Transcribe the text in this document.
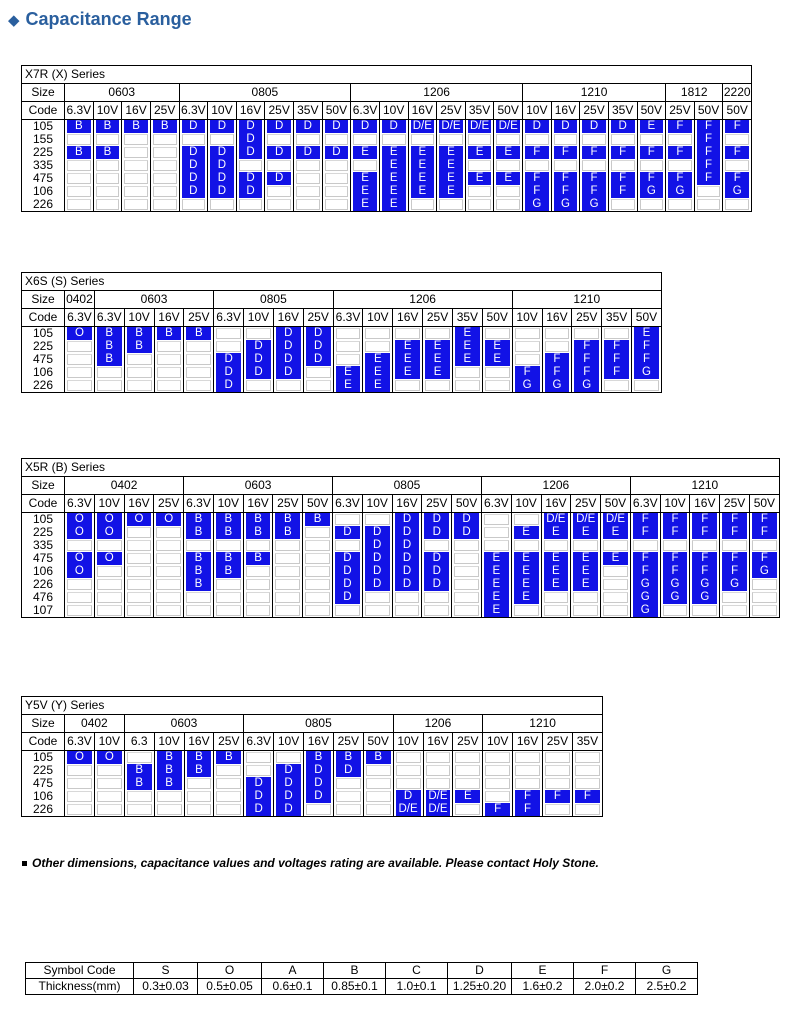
◆ Capacitance Range
X7R (X) Series																								
Size	0603				0805						1206						1210					1812		2220
Code	6.3V	10V	16V	25V	6.3V	10V	16V	25V	35V	50V	6.3V	10V	16V	25V	35V	50V	10V	16V	25V	35V	50V	25V	50V	50V
105	B	B	B	B	D	D	D	D	D	D	D	D	D/E	D/E	D/E	D/E	D	D	D	D	E	F	F	F

155							D																F	

225	B	B			D	D	D	D	D	D	E	E	E	E	E	E	F	F	F	F	F	F	F	F

335					D	D						E	E	E									F	

475					D	D	D	D			E	E	E	E	E	E	F	F	F	F	F	F	F	F

106					D	D	D				E	E	E	E			F	F	F	F	G	G		G

226											E	E					G	G	G					

X6S (S) Series																				
Size	0402	0603				0805				1206						1210				
Code	6.3V	6.3V	10V	16V	25V	6.3V	10V	16V	25V	6.3V	10V	16V	25V	35V	50V	10V	16V	25V	35V	50V
105	O	B	B	B	B			D	D					E						E

225		B	B				D	D	D			E	E	E	E			F	F	F

475		B				D	D	D	D		E	E	E	E	E		F	F	F	F

106						D	D	D		E	E	E	E			F	F	F	F	G

226						D				E	E					G	G	G		

X5R (B) Series																								
Size	0402				0603					0805					1206					1210				
Code	6.3V	10V	16V	25V	6.3V	10V	16V	25V	50V	6.3V	10V	16V	25V	50V	6.3V	10V	16V	25V	50V	6.3V	10V	16V	25V	50V
105	O	O	O	O	B	B	B	B	B			D	D	D			D/E	D/E	D/E	F	F	F	F	F

225	O	O			B	B	B	B		D	D	D	D	D		E	E	E	E	F	F	F	F	F

335											D	D												

475	O	O			B	B	B			D	D	D	D		E	E	E	E	E	F	F	F	F	F

106	O				B	B				D	D	D	D		E	E	E	E		F	F	F	F	G

226					B					D	D	D	D		E	E	E	E		G	G	G	G	

476										D					E	E				G	G	G		

107															E					G				

Y5V (Y) Series																		
Size	0402		0603				0805					1206			1210			
Code	6.3V	10V	6.3	10V	16V	25V	6.3V	10V	16V	25V	50V	10V	16V	25V	10V	16V	25V	35V
105	O	O		B	B	B			B	B	B							

225			B	B	B			D	D	D								

475			B	B			D	D	D									

106							D	D	D			D	D/E	E		F	F	F

226							D	D				D/E	D/E		F	F		

Other dimensions, capacitance values and voltages rating are available. Please contact Holy Stone.
Symbol Code	S	O	A	B	C	D	E	F	G
Thickness(mm)	0.3±0.03	0.5±0.05	0.6±0.1	0.85±0.1	1.0±0.1	1.25±0.20	1.6±0.2	2.0±0.2	2.5±0.2
